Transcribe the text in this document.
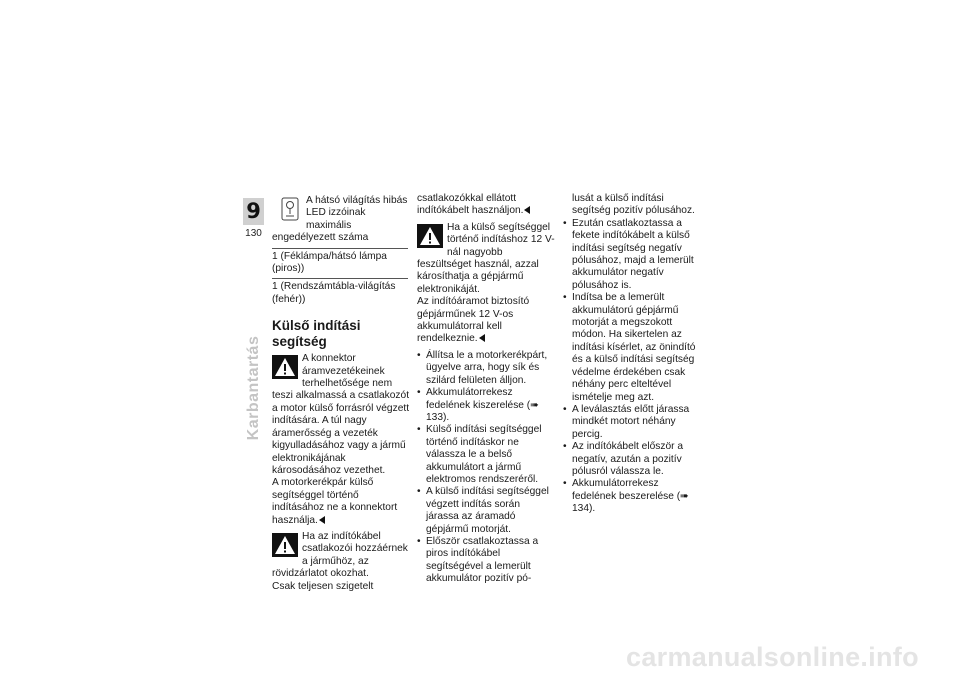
9
130
Karbantartás
A hátsó világítás hibás LED izzóinak maximális engedélyezett száma

1 (Féklámpa/hátsó lámpa (piros))
1 (Rendszámtábla-világítás (fehér))
Külső indítási segítség

A konnektor áramvezetékeinek terhelhetősége nem teszi alkalmassá a csatlakozót a motor külső forrásról végzett indítására. A túl nagy áramerősség a vezeték kigyulladásához vagy a jármű elektronikájának károsodásához vezethet.

A motorkerékpár külső segítséggel történő indításához ne a konnektort használja.

Ha az indítókábel csatlakozói hozzáérnek a járműhöz, az rövidzárlatot okozhat.

Csak teljesen szigetelt

csatlakozókkal ellátott indítókábelt használjon.

Ha a külső segítséggel történő indításhoz 12 V-nál nagyobb feszültséget használ, azzal károsíthatja a gépjármű elektronikáját.

Az indítóáramot biztosító gépjárműnek 12 V-os akkumulátorral kell rendelkeznie.

• Állítsa le a motorkerékpárt, ügyelve arra, hogy sík és szilárd felületen álljon.
• Akkumulátorrekesz fedelének kiszerelése (➠ 133).
• Külső indítási segítséggel történő indításkor ne válassza le a belső akkumulátort a jármű elektromos rendszeréről.
• A külső indítási segítséggel végzett indítás során járassa az áramadó gépjármű motorját.
• Először csatlakoztassa a piros indítókábel segítségével a lemerült akkumulátor pozitív pó-

lusát a külső indítási segítség pozitív pólusához.

• Ezután csatlakoztassa a fekete indítókábelt a külső indítási segítség negatív pólusához, majd a lemerült akkumulátor negatív pólusához is.
• Indítsa be a lemerült akkumulátorú gépjármű motorját a megszokott módon. Ha sikertelen az indítási kísérlet, az önindító és a külső indítási segítség védelme érdekében csak néhány perc elteltével ismételje meg azt.
• A leválasztás előtt járassa mindkét motort néhány percig.
• Az indítókábelt először a negatív, azután a pozitív pólusról válassza le.
• Akkumulátorrekesz fedelének beszerelése (➠ 134).
carmanualsonline.info
